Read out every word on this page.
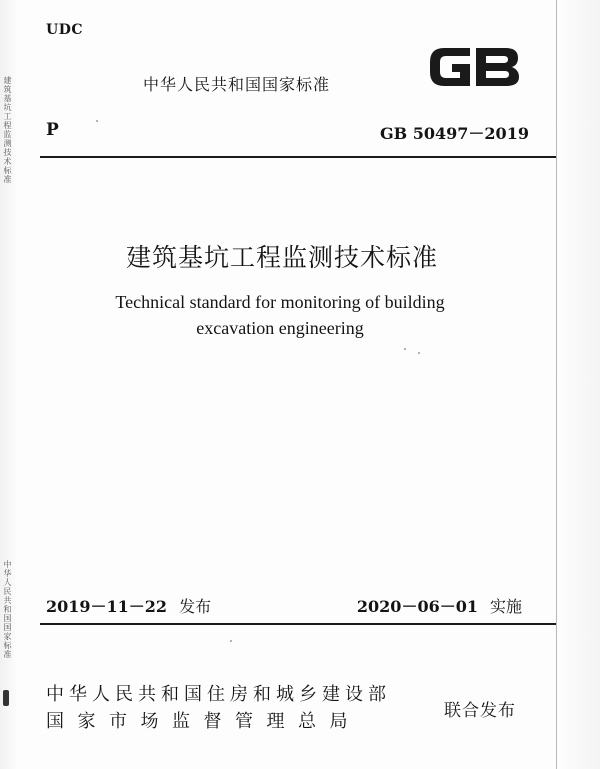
建筑基坑工程监测技术标准
中华人民共和国国家标准
UDC
中华人民共和国国家标准
P	GB 50497－2019
建筑基坑工程监测技术标准
Technical standard for monitoring of building
excavation engineering
2019－11－22 发布	2020－06－01 实施
中华人民共和国住房和城乡建设部
国家市场监督管理总局	联合发布
